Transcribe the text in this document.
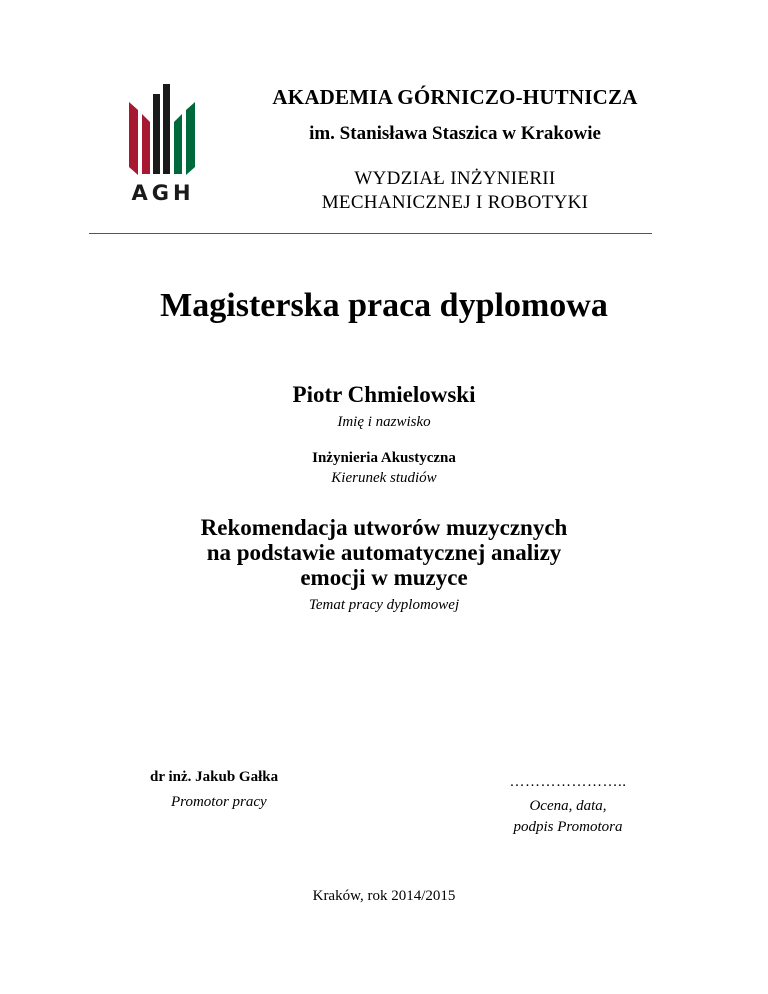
AGH
AKADEMIA GÓRNICZO-HUTNICZA
im. Stanisława Staszica w Krakowie
WYDZIAŁ INŻYNIERII
MECHANICZNEJ I ROBOTYKI
Magisterska praca dyplomowa
Piotr Chmielowski
Imię i nazwisko
Inżynieria Akustyczna
Kierunek studiów
Rekomendacja utworów muzycznych
na podstawie automatycznej analizy
emocji w muzyce
Temat pracy dyplomowej
dr inż. Jakub Gałka
Promotor pracy
…………………..
Ocena, data,
podpis Promotora
Kraków, rok 2014/2015
